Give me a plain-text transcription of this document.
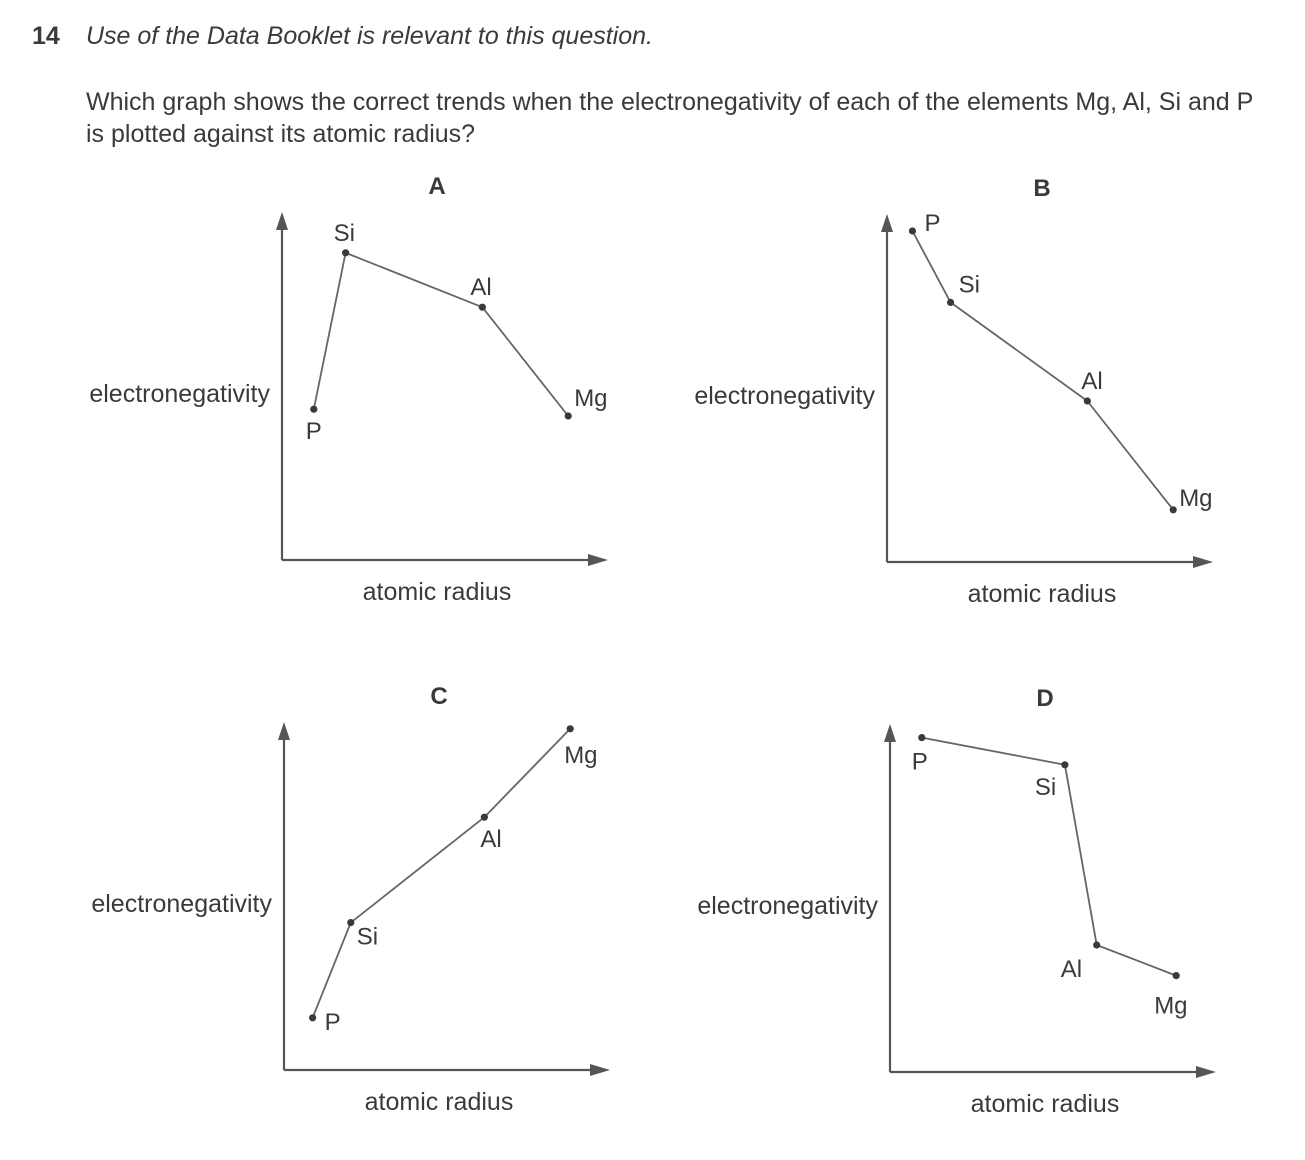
14 Use of the Data Booklet is relevant to this question.
Which graph shows the correct trends when the electronegativity of each of the elements Mg, Al, Si and P is plotted against its atomic radius?
A
electronegativity
atomic radius
P
Si
Al
Mg
B
electronegativity
atomic radius
P
Si
Al
Mg
C
electronegativity
atomic radius
P
Si
Al
Mg
D
electronegativity
atomic radius
P
Si
Al
Mg
